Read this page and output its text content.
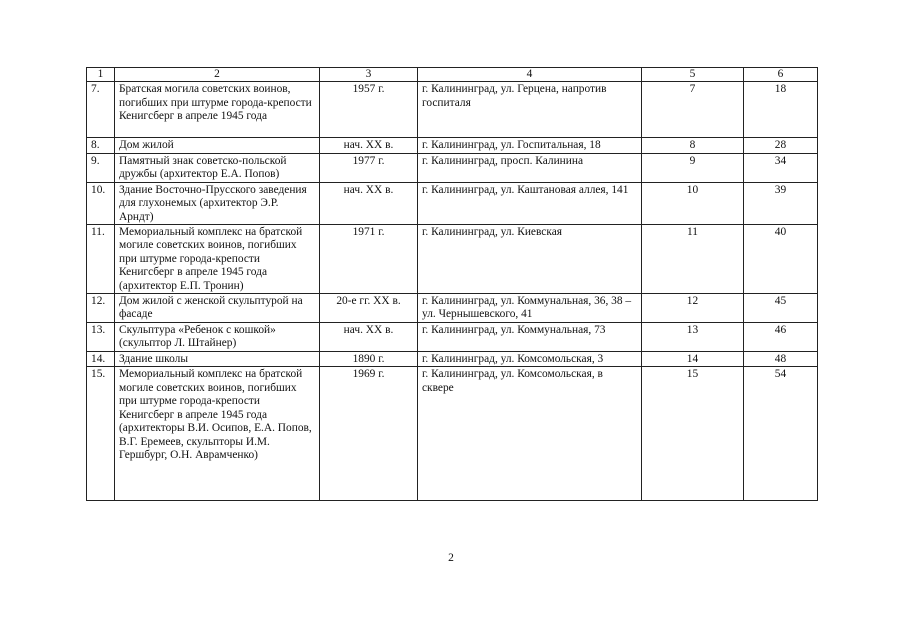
1	2	3	4	5	6
7.	Братская могила советских воинов, погибших при штурме города-крепости Кенигсберг в апреле 1945 года	1957 г.	г. Калининград, ул. Герцена, напротив госпиталя	7	18
8.	Дом жилой	нач. XX в.	г. Калининград, ул. Госпитальная, 18	8	28
9.	Памятный знак советско-польской дружбы (архитектор Е.А. Попов)	1977 г.	г. Калининград, просп. Калинина	9	34
10.	Здание Восточно-Прусского заведения для глухонемых (архитектор Э.Р. Арндт)	нач. XX в.	г. Калининград, ул. Каштановая аллея, 141	10	39
11.	Мемориальный комплекс на братской могиле советских воинов, погибших при штурме города-крепости Кенигсберг в апреле 1945 года (архитектор Е.П. Тронин)	1971 г.	г. Калининград, ул. Киевская	11	40
12.	Дом жилой с женской скульптурой на фасаде	20-е гг. XX в.	г. Калининград, ул. Коммунальная, 36, 38 – ул. Чернышевского, 41	12	45
13.	Скульптура «Ребенок с кошкой» (скульптор Л. Штайнер)	нач. XX в.	г. Калининград, ул. Коммунальная, 73	13	46
14.	Здание школы	1890 г.	г. Калининград, ул. Комсомольская, 3	14	48
15.	Мемориальный комплекс на братской могиле советских воинов, погибших при штурме города-крепости Кенигсберг в апреле 1945 года (архитекторы В.И. Осипов, Е.А. Попов, В.Г. Еремеев, скульпторы И.М. Гершбург, О.Н. Аврамченко)	1969 г.	г. Калининград, ул. Комсомольская, в сквере	15	54
2
